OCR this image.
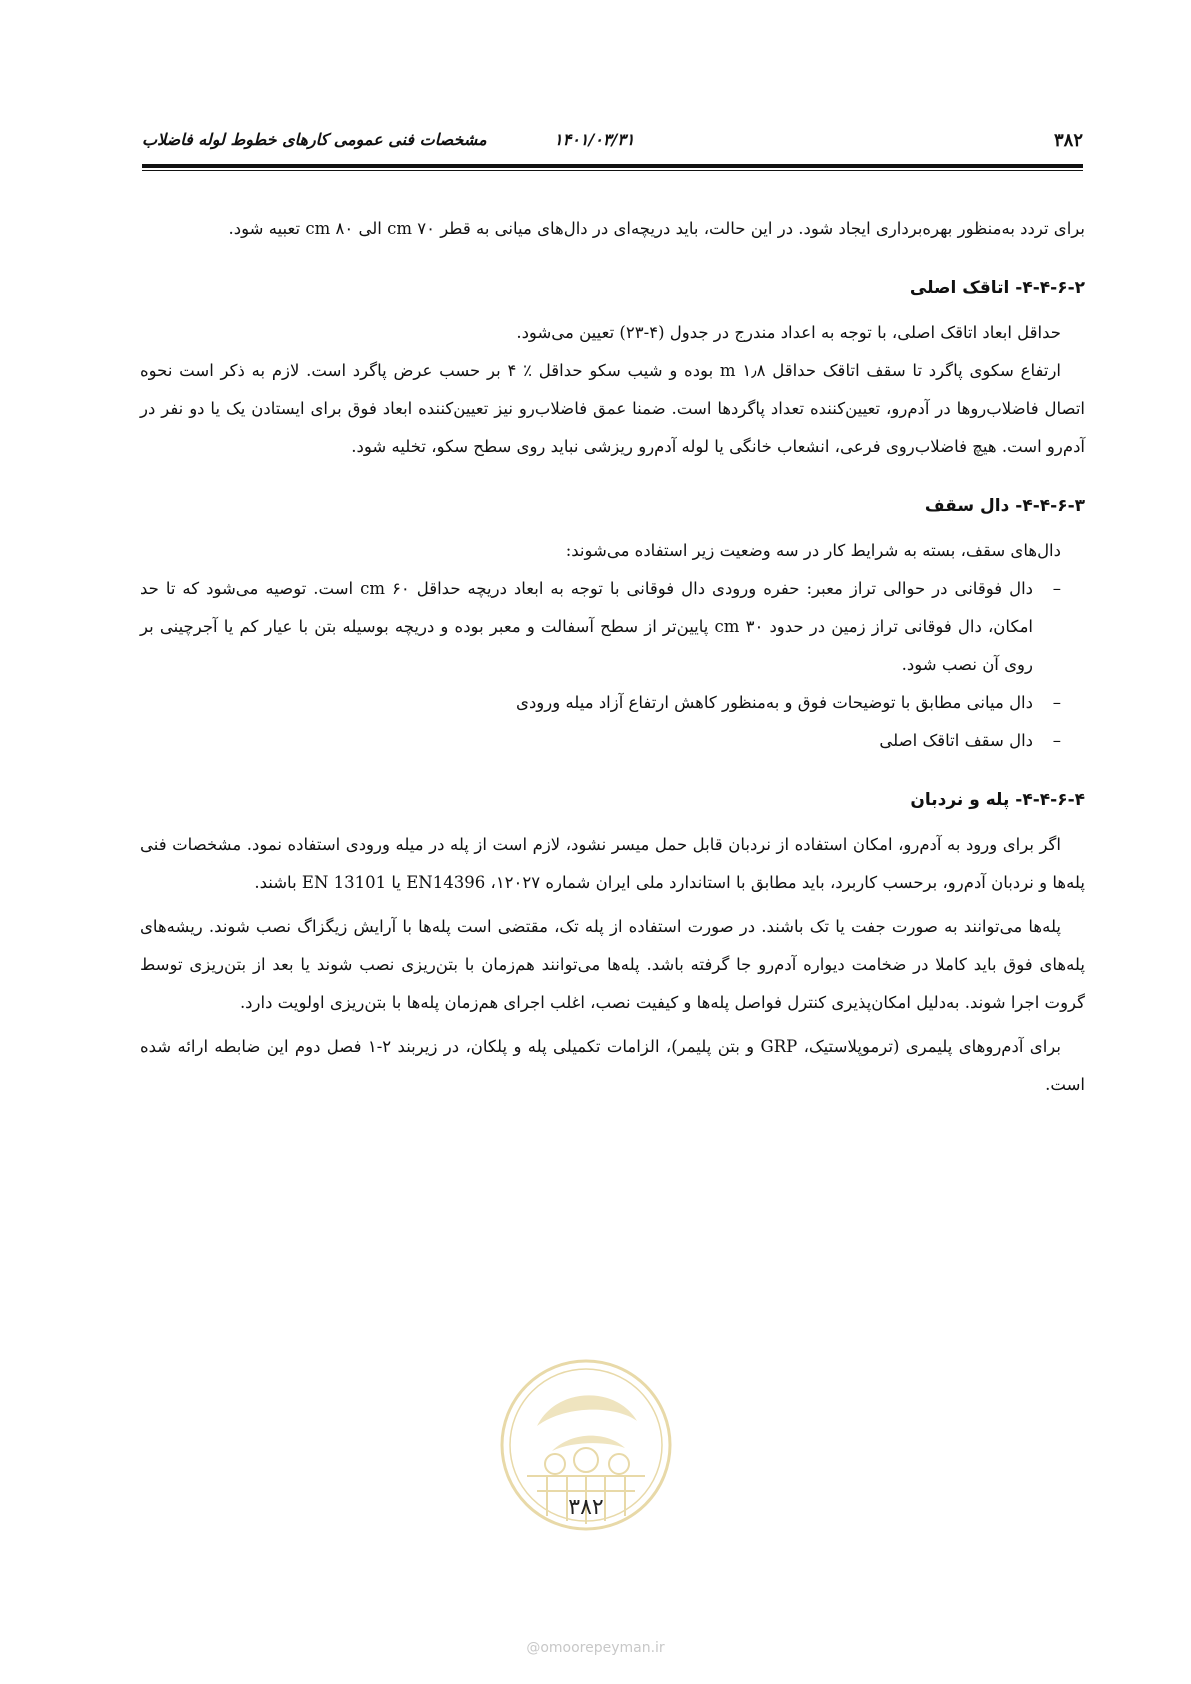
۳۸۲
۱۴۰۱/۰۳/۳۱
مشخصات فنی عمومی کارهای خطوط لوله فاضلاب

برای تردد به‌منظور بهره‌برداری ایجاد شود. در این حالت، باید دریچه‌ای در دال‌های میانی به قطر ۷۰ cm الی ۸۰ cm تعبیه شود.

۴-۴-۶-۲- اتاقک اصلی

حداقل ابعاد اتاقک اصلی، با توجه به اعداد مندرج در جدول (۴-۲۳) تعیین می‌شود.

ارتفاع سکوی پاگرد تا سقف اتاقک حداقل ۱٫۸ m بوده و شیب سکو حداقل ٪ ۴ بر حسب عرض پاگرد است. لازم به ذکر است نحوه اتصال فاضلاب‌روها در آدم‌رو، تعیین‌کننده تعداد پاگردها است. ضمنا عمق فاضلاب‌رو نیز تعیین‌کننده ابعاد فوق برای ایستادن یک یا دو نفر در آدم‌رو است. هیچ فاضلاب‌روی فرعی، انشعاب خانگی یا لوله آدم‌رو ریزشی نباید روی سطح سکو، تخلیه شود.

۴-۴-۶-۳- دال سقف

دال‌های سقف، بسته به شرایط کار در سه وضعیت زیر استفاده می‌شوند:

–
دال فوقانی در حوالی تراز معبر: حفره ورودی دال فوقانی با توجه به ابعاد دریچه حداقل ۶۰ cm است. توصیه می‌شود که تا حد امکان، دال فوقانی تراز زمین در حدود ۳۰ cm پایین‌تر از سطح آسفالت و معبر بوده و دریچه بوسیله بتن با عیار کم یا آجرچینی بر روی آن نصب شود.
–
دال میانی مطابق با توضیحات فوق و به‌منظور کاهش ارتفاع آزاد میله ورودی
–
دال سقف اتاقک اصلی
۴-۴-۶-۴- پله و نردبان

اگر برای ورود به آدم‌رو، امکان استفاده از نردبان قابل حمل میسر نشود، لازم است از پله در میله ورودی استفاده نمود. مشخصات فنی پله‌ها و نردبان آدم‌رو، برحسب کاربرد، باید مطابق با استاندارد ملی ایران شماره ۱۲۰۲۷، EN14396 یا EN 13101 باشند.

پله‌ها می‌توانند به صورت جفت یا تک باشند. در صورت استفاده از پله تک، مقتضی است پله‌ها با آرایش زیگزاگ نصب شوند. ریشه‌های پله‌های فوق باید کاملا در ضخامت دیواره آدم‌رو جا گرفته باشد. پله‌ها می‌توانند هم‌زمان با بتن‌ریزی نصب شوند یا بعد از بتن‌ریزی توسط گروت اجرا شوند. به‌دلیل امکان‌پذیری کنترل فواصل پله‌ها و کیفیت نصب، اغلب اجرای هم‌زمان پله‌ها با بتن‌ریزی اولویت دارد.

برای آدم‌روهای پلیمری (ترموپلاستیک، GRP و بتن پلیمر)، الزامات تکمیلی پله و پلکان، در زیربند ۲-۱ فصل دوم این ضابطه ارائه شده است.

۳۸۲
@omoorepeyman.ir
